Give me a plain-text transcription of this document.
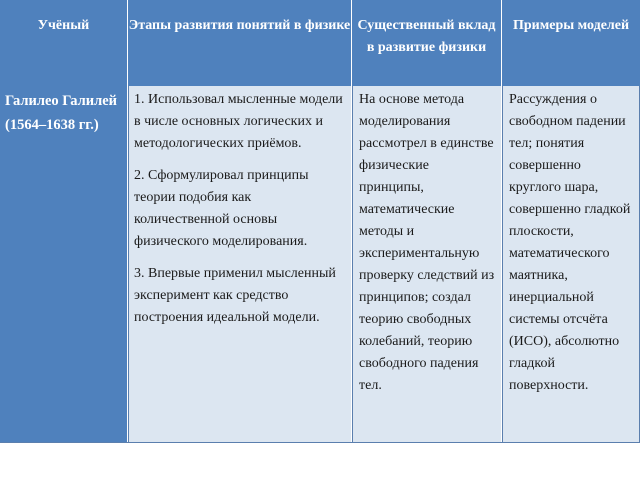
Учёный	Этапы развития понятий в физике Существенный вклад в развитие физики
Примеры моделей
Галилео Галилей (1564–1638 гг.)

1. Использовал мысленные модели в числе основных логических и методологических приёмов.

2. Сформулировал принципы теории подобия как количественной основы физического моделирования.

3. Впервые применил мысленный эксперимент как средство построения идеальной модели.

На основе метода моделирования рассмотрел в единстве физические принципы, математические методы и экспериментальную проверку следствий из принципов; создал теорию свободных колебаний, теорию свободного падения тел.
Рассуждения о свободном падении тел; понятия совершенно круглого шара, совершенно гладкой плоскости, математического маятника, инерциальной системы отсчёта (ИСО), абсолютно гладкой поверхности.
